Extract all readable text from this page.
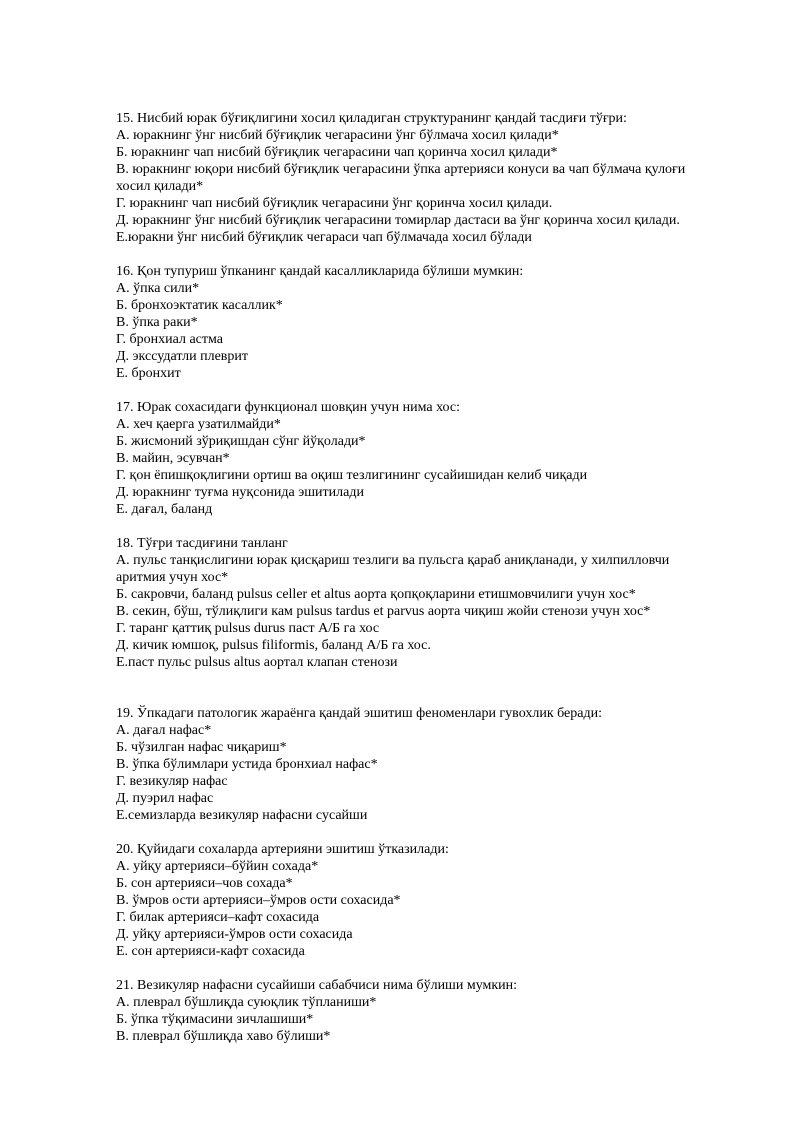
15. Нисбий юрак бўғиқлигини хосил қиладиган структуранинг қандай тасдиғи тўғри:
А. юракнинг ўнг нисбий бўғиқлик чегарасини ўнг бўлмача хосил қилади*
Б. юракнинг чап нисбий бўғиқлик чегарасини чап қоринча хосил қилади*
В. юракнинг юқори нисбий бўғиқлик чегарасини ўпка артерияси конуси ва чап бўлмача қулоғи
хосил қилади*
Г. юракнинг чап нисбий бўғиқлик чегарасини ўнг қоринча хосил қилади.
Д. юракнинг ўнг нисбий бўғиқлик чегарасини томирлар дастаси ва ўнг қоринча хосил қилади.
Е.юракни ўнг нисбий бўғиқлик чегараси чап бўлмачада хосил бўлади
16. Қон тупуриш ўпканинг қандай касалликларида бўлиши мумкин:
А. ўпка сили*
Б. бронхоэктатик касаллик*
В. ўпка раки*
Г. бронхиал астма
Д. экссудатли плеврит
Е. бронхит
17. Юрак сохасидаги функционал шовқин учун нима хос:
А. хеч қаерга узатилмайди*
Б. жисмоний зўриқишдан сўнг йўқолади*
В. майин, эсувчан*
Г. қон ёпишқоқлигини ортиш ва оқиш тезлигининг сусайишидан келиб чиқади
Д. юракнинг туғма нуқсонида эшитилади
Е. дағал, баланд
18. Тўғри тасдиғини танланг
А. пульс танқислигини юрак қисқариш тезлиги ва пульсга қараб аниқланади, у хилпилловчи
аритмия учун хос*
Б. сакровчи, баланд pulsus celler et altus аорта қопқоқларини етишмовчилиги учун хос*
В. секин, бўш, тўлиқлиги кам pulsus tardus et parvus аорта чиқиш жойи стенози учун хос*
Г. таранг қаттиқ pulsus durus паст А/Б га хос
Д. кичик юмшоқ, pulsus filiformis, баланд А/Б га хос.
Е.паст пульс pulsus altus аортал клапан стенози
19. Ўпкадаги патологик жараёнга қандай эшитиш феноменлари гувохлик беради:
А. дағал нафас*
Б. чўзилган нафас чиқариш*
В. ўпка бўлимлари устида бронхиал нафас*
Г. везикуляр нафас
Д. пуэрил нафас
Е.семизларда везикуляр нафасни сусайши
20. Қуйидаги сохаларда артерияни эшитиш ўтказилади:
А. уйқу артерияси–бўйин сохада*
Б. сон артерияси–чов сохада*
В. ўмров ости артерияси–ўмров ости сохасида*
Г. билак артерияси–кафт сохасида
Д. уйқу артерияси-ўмров ости сохасида
Е. сон артерияси-кафт сохасида
21. Везикуляр нафасни сусайиши сабабчиси нима бўлиши мумкин:
А. плеврал бўшлиқда суюқлик тўпланиши*
Б. ўпка тўқимасини зичлашиши*
В. плеврал бўшлиқда хаво бўлиши*
